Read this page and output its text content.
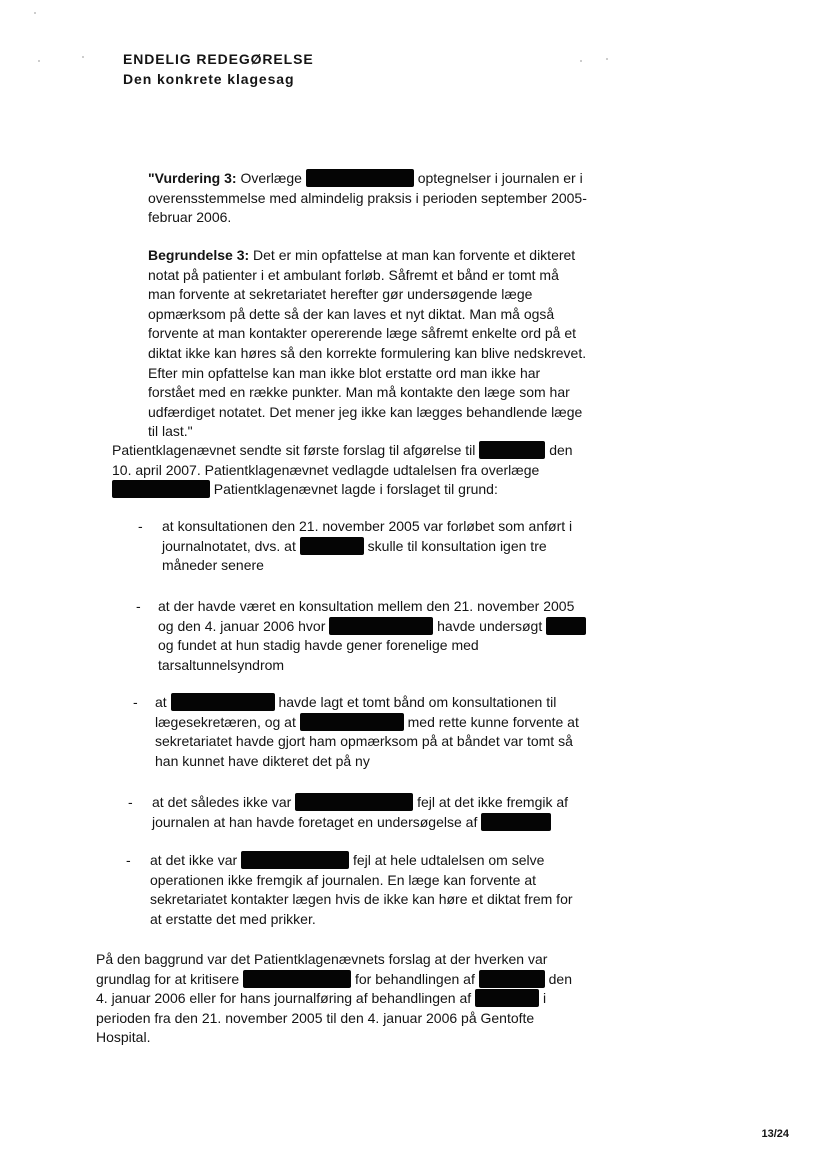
ENDELIG REDEGØRELSE
Den konkrete klagesag

"Vurdering 3: Overlæge	optegnelser i journalen er i overensstemmelse med almindelig praksis i perioden september 2005-februar 2006.

Begrundelse 3: Det er min opfattelse at man kan forvente et dikteret notat på patienter i et ambulant forløb. Såfremt et bånd er tomt må man forvente at sekretariatet herefter gør undersøgende læge opmærksom på dette så der kan laves et nyt diktat. Man må også forvente at man kontakter opererende læge såfremt enkelte ord på et diktat ikke kan høres så den korrekte formulering kan blive nedskrevet. Efter min opfattelse kan man ikke blot erstatte ord man ikke har forstået med en række punkter. Man må kontakte den læge som har udfærdiget notatet. Det mener jeg ikke kan lægges behandlende læge til last."

Patientklagenævnet sendte sit første forslag til afgørelse til	den 10. april 2007. Patientklagenævnet vedlagde udtalelsen fra overlæge   Patientklagenævnet lagde i forslaget til grund:

- at konsultationen den 21. november 2005 var forløbet som anført i journalnotatet, dvs. at	skulle til konsultation igen tre måneder senere
- at der havde været en konsultation mellem den 21. november 2005 og den 4. januar 2006 hvor	havde undersøgt  og fundet at hun stadig havde gener forenelige med tarsaltunnelsyndrom
- at	havde lagt et tomt bånd om konsultationen til lægesekretæren, og at	med rette kunne forvente at sekretariatet havde gjort ham opmærksom på at båndet var tomt så han kunnet have dikteret det på ny
- at det således ikke var	fejl at det ikke fremgik af journalen at han havde foretaget en undersøgelse af
- at det ikke var	fejl at hele udtalelsen om selve operationen ikke fremgik af journalen. En læge kan forvente at sekretariatet kontakter lægen hvis de ikke kan høre et diktat frem for at erstatte det med prikker.

På den baggrund var det Patientklagenævnets forslag at der hverken var grundlag for at kritisere	for behandlingen af	den 4. januar 2006 eller for hans journalføring af behandlingen af	i perioden fra den 21. november 2005 til den 4. januar 2006 på Gentofte Hospital.

13/24
